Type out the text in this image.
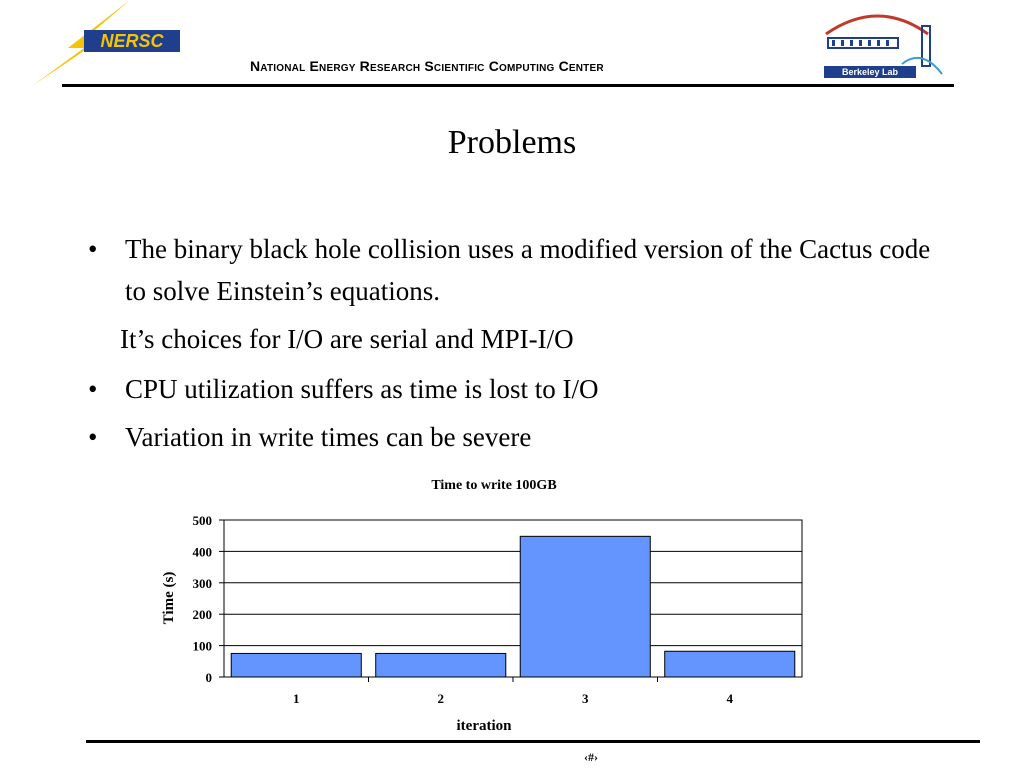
NERSC
National Energy Research Scientific Computing Center	Berkeley Lab
Problems
• The binary black hole collision uses a modified version of the Cactus code to solve Einstein’s equations.
It’s choices for I/O are serial and MPI-I/O
• CPU utilization suffers as time is lost to I/O
• Variation in write times can be severe
Time to write 100GB
0
100
200
300
400
500
1	2	3	4
iteration
Time (s)
‹#›
